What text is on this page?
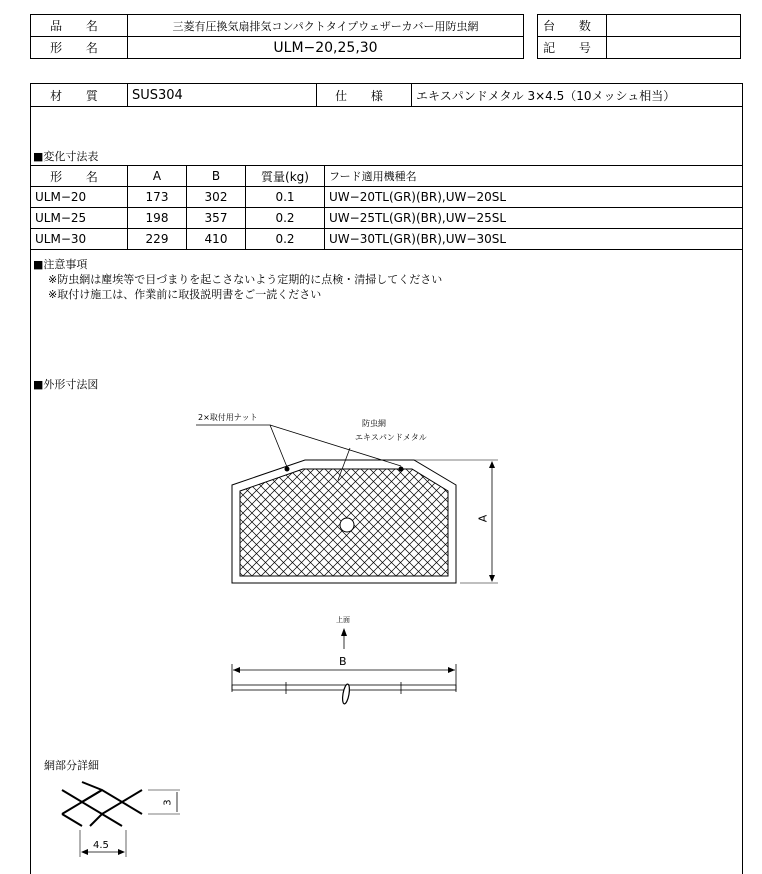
品 名	三菱有圧換気扇排気コンパクトタイプウェザーカバー用防虫網
形 名	ULM−20,25,30
台 数	
記 号	
材 質	SUS304	仕 様	エキスパンドメタル 3×4.5（10メッシュ相当）
■変化寸法表
形 名	A	B	質量(kg)	フード適用機種名
ULM−20	173	302	0.1	UW−20TL(GR)(BR),UW−20SL
ULM−25	198	357	0.2	UW−25TL(GR)(BR),UW−25SL
ULM−30	229	410	0.2	UW−30TL(GR)(BR),UW−30SL
■注意事項
※防虫網は塵埃等で目づまりを起こさないよう定期的に点検・清掃してください
※取付け施工は、作業前に取扱説明書をご一読ください
■外形寸法図
2×取付用ナット
防虫網
エキスパンドメタル
A
上面
B
網部分詳細
3
4.5
